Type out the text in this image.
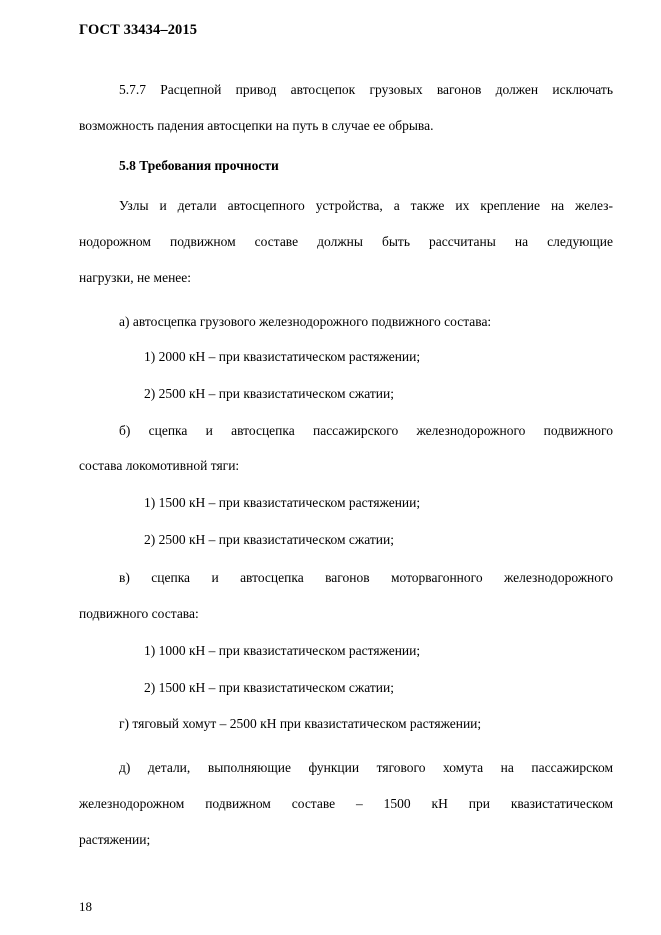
ГОСТ 33434–2015
5.7.7 Расцепной привод автосцепок грузовых вагонов должен исключать
возможность падения автосцепки на путь в случае ее обрыва.
5.8 Требования прочности
Узлы и детали автосцепного устройства, а также их крепление на желез-
нодорожном подвижном составе должны быть рассчитаны на следующие
нагрузки, не менее:
а) автосцепка грузового железнодорожного подвижного состава:
1) 2000 кН – при квазистатическом растяжении;
2) 2500 кН – при квазистатическом сжатии;
б) сцепка и автосцепка пассажирского железнодорожного подвижного
состава локомотивной тяги:
1) 1500 кН – при квазистатическом растяжении;
2) 2500 кН – при квазистатическом сжатии;
в) сцепка и автосцепка вагонов моторвагонного железнодорожного
подвижного состава:
1) 1000 кН – при квазистатическом растяжении;
2) 1500 кН – при квазистатическом сжатии;
г) тяговый хомут – 2500 кН при квазистатическом растяжении;
д) детали, выполняющие функции тягового хомута на пассажирском
железнодорожном подвижном составе – 1500 кН при квазистатическом
растяжении;
18
